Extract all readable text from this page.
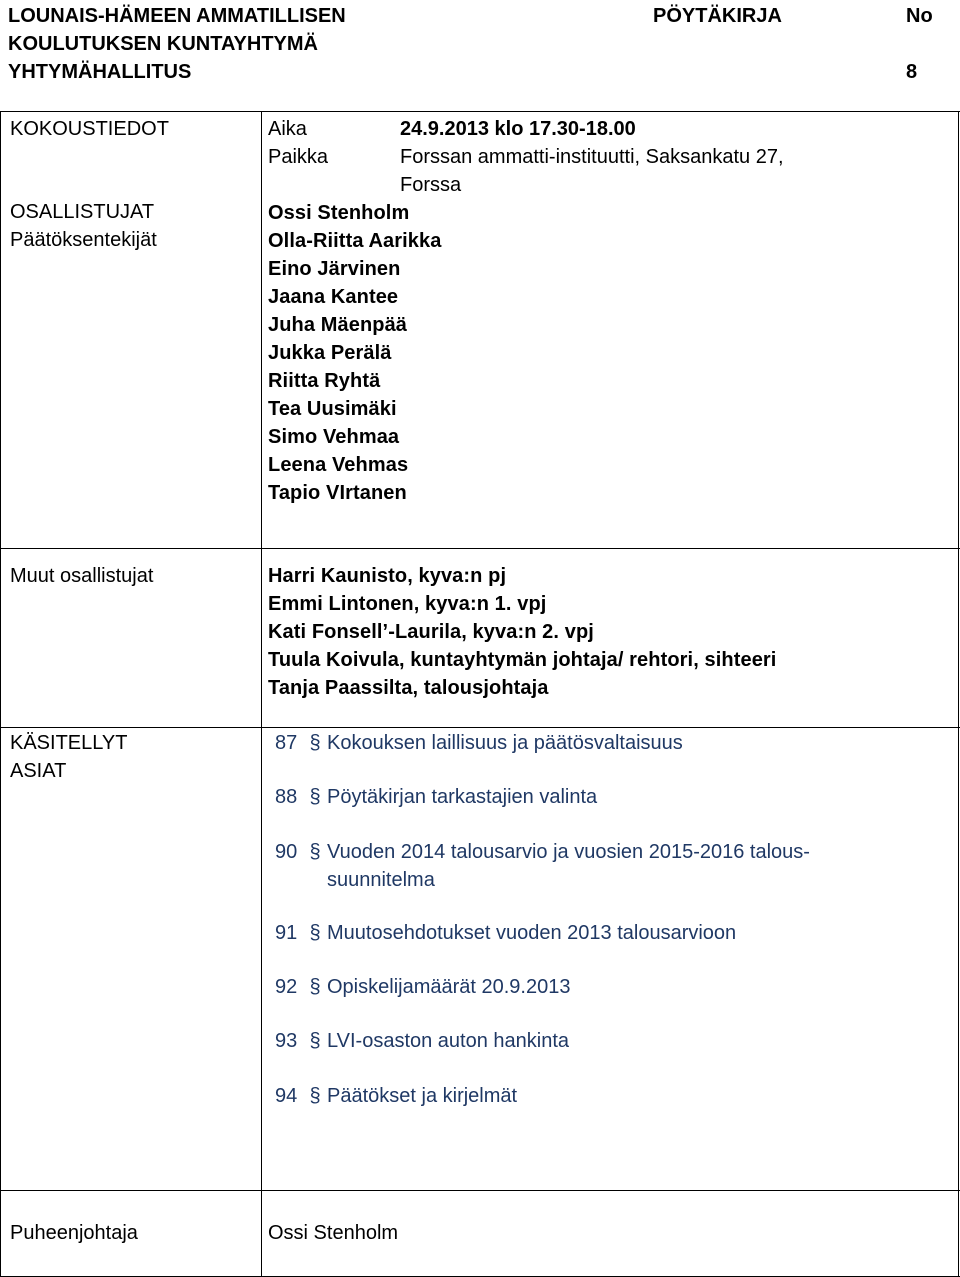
LOUNAIS-HÄMEEN AMMATILLISEN
KOULUTUKSEN KUNTAYHTYMÄ
YHTYMÄHALLITUS
PÖYTÄKIRJA	No
8
KOKOUSTIEDOT	Aika	24.9.2013 klo 17.30-18.00
Paikka	Forssan ammatti-instituutti, Saksankatu 27,
Forssa
OSALLISTUJAT
Päätöksentekijät
Ossi Stenholm
Olla-Riitta Aarikka
Eino Järvinen
Jaana Kantee
Juha Mäenpää
Jukka Perälä
Riitta Ryhtä
Tea Uusimäki
Simo Vehmaa
Leena Vehmas
Tapio VIrtanen
Muut osallistujat	Harri Kaunisto, kyva:n pj
Emmi Lintonen, kyva:n 1. vpj
Kati Fonsell’-Laurila, kyva:n 2. vpj
Tuula Koivula, kuntayhtymän johtaja/ rehtori, sihteeri
Tanja Paassilta, talousjohtaja
KÄSITELLYT
ASIAT
87 § Kokouksen laillisuus ja päätösvaltaisuus
88 § Pöytäkirjan tarkastajien valinta
90 § Vuoden 2014 talousarvio ja vuosien 2015-2016 talous-
suunnitelma
91 § Muutosehdotukset vuoden 2013 talousarvioon
92 § Opiskelijamäärät 20.9.2013
93 § LVI-osaston auton hankinta
94 § Päätökset ja kirjelmät
Puheenjohtaja	Ossi Stenholm
